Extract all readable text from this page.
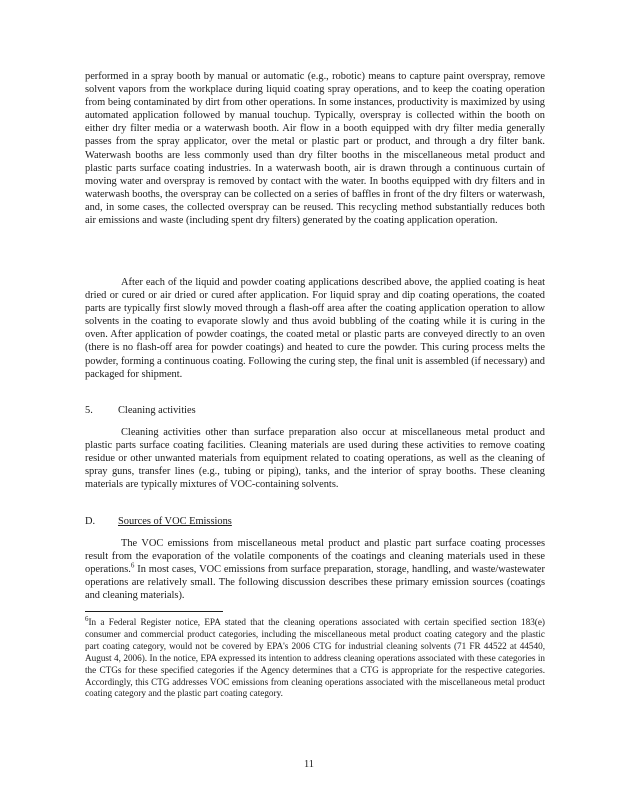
performed in a spray booth by manual or automatic (e.g., robotic) means to capture paint overspray, remove solvent vapors from the workplace during liquid coating spray operations, and to keep the coating operation from being contaminated by dirt from other operations. In some instances, productivity is maximized by using automated application followed by manual touchup. Typically, overspray is collected within the booth on either dry filter media or a waterwash booth. Air flow in a booth equipped with dry filter media generally passes from the spray applicator, over the metal or plastic part or product, and through a dry filter bank. Waterwash booths are less commonly used than dry filter booths in the miscellaneous metal product and plastic parts surface coating industries. In a waterwash booth, air is drawn through a continuous curtain of moving water and overspray is removed by contact with the water. In booths equipped with dry filters and in waterwash booths, the overspray can be collected on a series of baffles in front of the dry filters or waterwash, and, in some cases, the collected overspray can be reused. This recycling method substantially reduces both air emissions and waste (including spent dry filters) generated by the coating application operation.

After each of the liquid and powder coating applications described above, the applied coating is heat dried or cured or air dried or cured after application. For liquid spray and dip coating operations, the coated parts are typically first slowly moved through a flash-off area after the coating application operation to allow solvents in the coating to evaporate slowly and thus avoid bubbling of the coating while it is curing in the oven. After application of powder coatings, the coated metal or plastic parts are conveyed directly to an oven (there is no flash-off area for powder coatings) and heated to cure the powder. This curing process melts the powder, forming a continuous coating. Following the curing step, the final unit is assembled (if necessary) and packaged for shipment.

5. Cleaning activities

Cleaning activities other than surface preparation also occur at miscellaneous metal product and plastic parts surface coating facilities. Cleaning materials are used during these activities to remove coating residue or other unwanted materials from equipment related to coating operations, as well as the cleaning of spray guns, transfer lines (e.g., tubing or piping), tanks, and the interior of spray booths. These cleaning materials are typically mixtures of VOC-containing solvents.

D. Sources of VOC Emissions

The VOC emissions from miscellaneous metal product and plastic part surface coating processes result from the evaporation of the volatile components of the coatings and cleaning materials used in these operations.$^6$ In most cases, VOC emissions from surface preparation, storage, handling, and waste/wastewater operations are relatively small. The following discussion describes these primary emission sources (coatings and cleaning materials).

$^6$In a Federal Register notice, EPA stated that the cleaning operations associated with certain specified section 183(e) consumer and commercial product categories, including the miscellaneous metal product coating category and the plastic part coating category, would not be covered by EPA's 2006 CTG for industrial cleaning solvents (71 FR 44522 at 44540, August 4, 2006). In the notice, EPA expressed its intention to address cleaning operations associated with these categories in the CTGs for these specified categories if the Agency determines that a CTG is appropriate for the respective categories. Accordingly, this CTG addresses VOC emissions from cleaning operations associated with the miscellaneous metal product coating category and the plastic part coating category.

11
